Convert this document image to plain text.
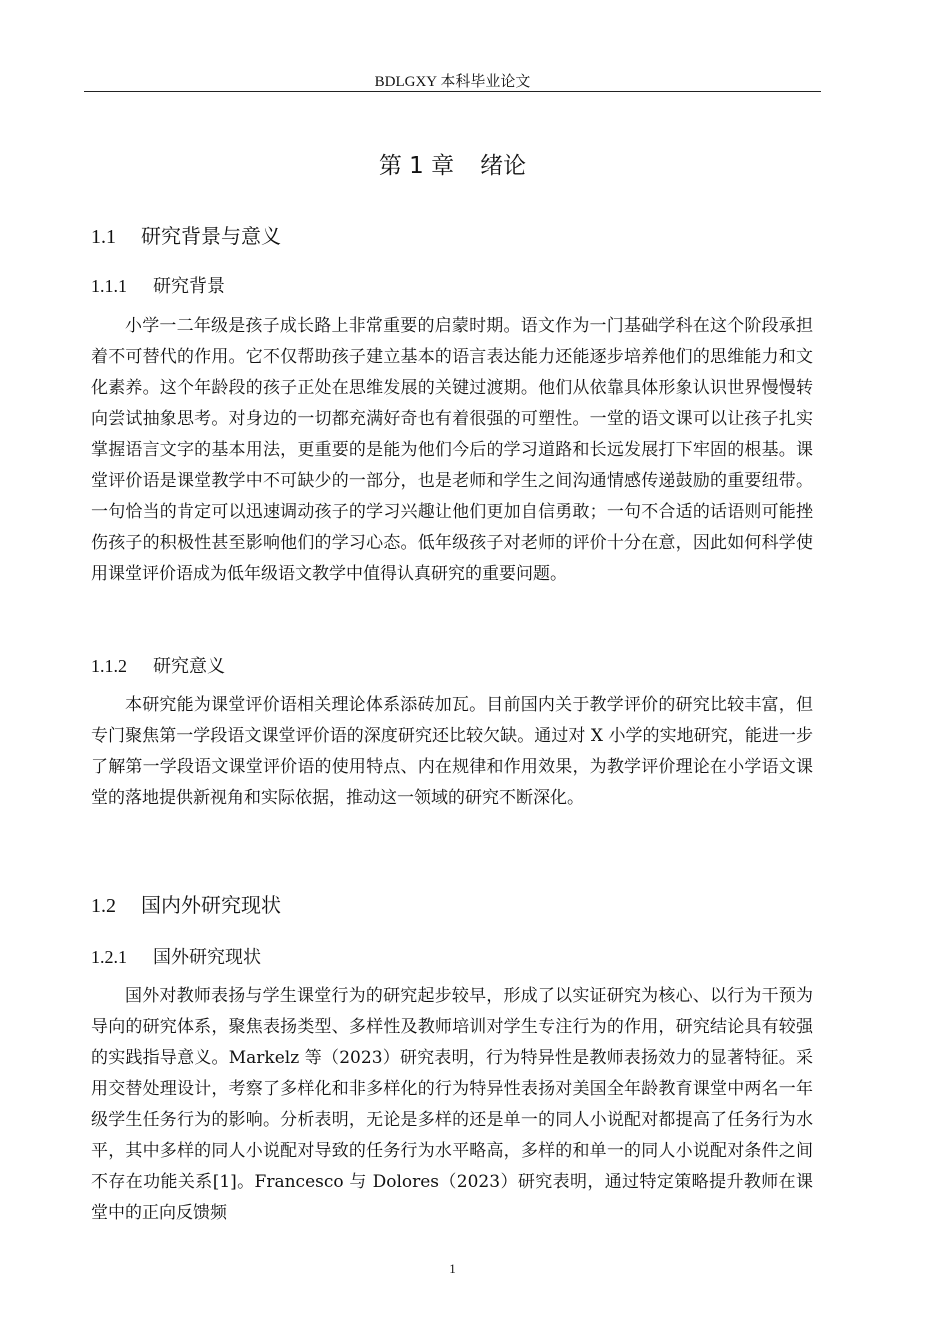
BDLGXY 本科毕业论文
第 1 章 绪论
1.1 研究背景与意义
1.1.1 研究背景

小学一二年级是孩子成长路上非常重要的启蒙时期。语文作为一门基础学科在这个阶段承担着不可替代的作用。它不仅帮助孩子建立基本的语言表达能力还能逐步培养他们的思维能力和文化素养。这个年龄段的孩子正处在思维发展的关键过渡期。他们从依靠具体形象认识世界慢慢转向尝试抽象思考。对身边的一切都充满好奇也有着很强的可塑性。一堂的语文课可以让孩子扎实掌握语言文字的基本用法，更重要的是能为他们今后的学习道路和长远发展打下牢固的根基。课堂评价语是课堂教学中不可缺少的一部分，也是老师和学生之间沟通情感传递鼓励的重要纽带。一句恰当的肯定可以迅速调动孩子的学习兴趣让他们更加自信勇敢；一句不合适的话语则可能挫伤孩子的积极性甚至影响他们的学习心态。低年级孩子对老师的评价十分在意，因此如何科学使用课堂评价语成为低年级语文教学中值得认真研究的重要问题。

1.1.2 研究意义

本研究能为课堂评价语相关理论体系添砖加瓦。目前国内关于教学评价的研究比较丰富，但专门聚焦第一学段语文课堂评价语的深度研究还比较欠缺。通过对 X 小学的实地研究，能进一步了解第一学段语文课堂评价语的使用特点、内在规律和作用效果，为教学评价理论在小学语文课堂的落地提供新视角和实际依据，推动这一领域的研究不断深化。

1.2 国内外研究现状
1.2.1 国外研究现状

国外对教师表扬与学生课堂行为的研究起步较早，形成了以实证研究为核心、以行为干预为导向的研究体系，聚焦表扬类型、多样性及教师培训对学生专注行为的作用，研究结论具有较强的实践指导意义。Markelz 等（2023）研究表明，行为特异性是教师表扬效力的显著特征。采用交替处理设计，考察了多样化和非多样化的行为特异性表扬对美国全年龄教育课堂中两名一年级学生任务行为的影响。分析表明，无论是多样的还是单一的同人小说配对都提高了任务行为水平，其中多样的同人小说配对导致的任务行为水平略高，多样的和单一的同人小说配对条件之间不存在功能关系[1]。Francesco 与 Dolores（2023）研究表明，通过特定策略提升教师在课堂中的正向反馈频

1
